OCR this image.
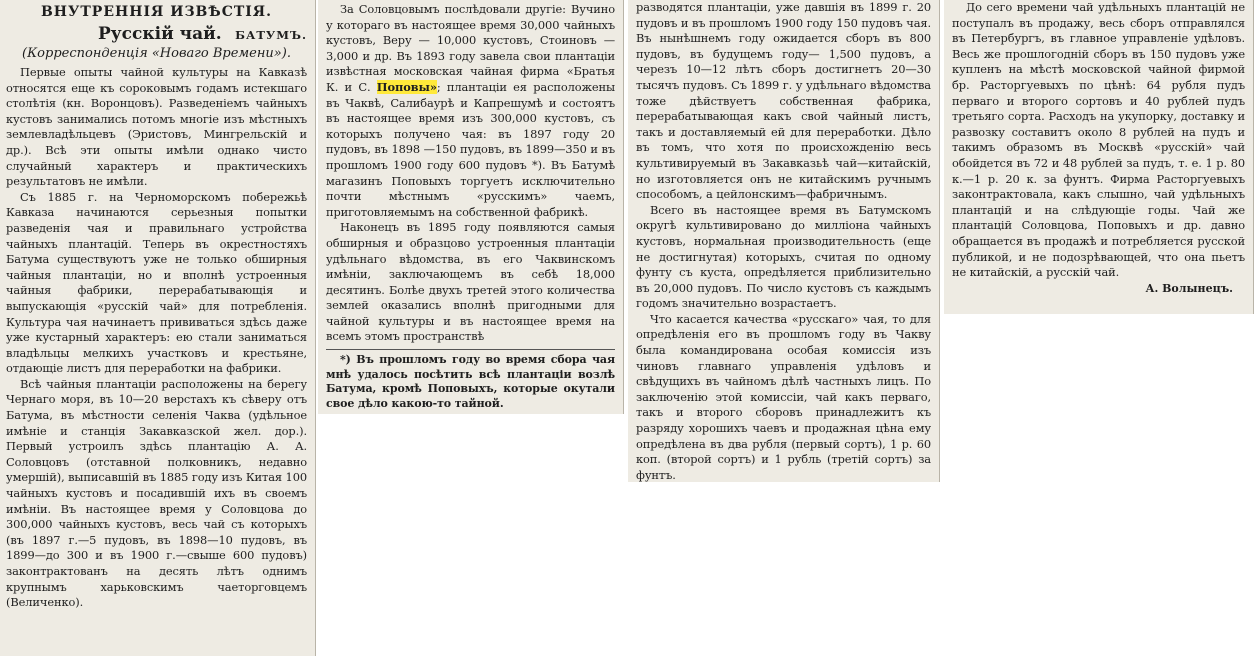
ВНУТРЕННІЯ ИЗВѢСТІЯ.
Русскій чай. БАТУМЪ.
(Корреспонденція «Новаго Времени»).

Первые опыты чайной культуры на Кавказѣ относятся еще къ сороковымъ годамъ истекшаго столѣтія (кн. Воронцовъ). Разведеніемъ чайныхъ кустовъ занимались потомъ многіе изъ мѣстныхъ землевладѣльцевъ (Эристовъ, Мингрельскій и др.). Всѣ эти опыты имѣли однако чисто случайный характеръ и практическихъ результатовъ не имѣли.

Съ 1885 г. на Черноморскомъ побережьѣ Кавказа начинаются серьезныя попытки разведенія чая и правильнаго устройства чайныхъ плантацій. Теперь въ окрестностяхъ Батума существуютъ уже не только обширныя чайныя плантаціи, но и вполнѣ устроенныя чайныя фабрики, перерабатывающія и выпускающія «русскій чай» для потребленія. Культура чая начинаетъ прививаться здѣсь даже уже кустарный характеръ: ею стали заниматься владѣльцы мелкихъ участковъ и крестьяне, отдающіе листъ для переработки на фабрики.

Всѣ чайныя плантаціи расположены на берегу Чернаго моря, въ 10—20 верстахъ къ сѣверу отъ Батума, въ мѣстности селенія Чаква (удѣльное имѣніе и станція Закавказской жел. дор.). Первый устроилъ здѣсь плантацію А. А. Соловцовъ (отставной полковникъ, недавно умершій), выписавшій въ 1885 году изъ Китая 100 чайныхъ кустовъ и посадившій ихъ въ своемъ имѣніи. Въ настоящее время у Соловцова до 300,000 чайныхъ кустовъ, весь чай съ которыхъ (въ 1897 г.—5 пудовъ, въ 1898—10 пудовъ, въ 1899—до 300 и въ 1900 г.—свыше 600 пудовъ) законтрактованъ на десять лѣтъ однимъ крупнымъ харьковскимъ чаеторговцемъ (Величенко).

За Соловцовымъ послѣдовали другіе: Вучино у котораго въ настоящее время 30,000 чайныхъ кустовъ, Веру — 10,000 кустовъ, Стоиновъ — 3,000 и др. Въ 1893 году завела свои плантаціи извѣстная московская чайная фирма «Братья К. и С. Поповы»; плантаціи ея расположены въ Чаквѣ, Салибаурѣ и Капрешумѣ и состоятъ въ настоящее время изъ 300,000 кустовъ, съ которыхъ получено чая: въ 1897 году 20 пудовъ, въ 1898 —150 пудовъ, въ 1899—350 и въ прошломъ 1900 году 600 пудовъ *). Въ Батумѣ магазинъ Поповыхъ торгуетъ исключительно почти мѣстнымъ «русскимъ» чаемъ, приготовляемымъ на собственной фабрикѣ.

Наконецъ въ 1895 году появляются самыя обширныя и образцово устроенныя плантаціи удѣльнаго вѣдомства, въ его Чаквинскомъ имѣніи, заключающемъ въ себѣ 18,000 десятинъ. Болѣе двухъ третей этого количества землей оказались вполнѣ пригодными для чайной культуры и въ настоящее время на всемъ этомъ пространствѣ

*) Въ прошломъ году во время сбора чая мнѣ удалось посѣтить всѣ плантаціи возлѣ Батума, кромѣ Поповыхъ, которые окутали свое дѣло какою-то тайной.

разводятся плантаціи, уже давшія въ 1899 г. 20 пудовъ и въ прошломъ 1900 году 150 пудовъ чая. Въ нынѣшнемъ году ожидается сборъ въ 800 пудовъ, въ будущемъ году— 1,500 пудовъ, а черезъ 10—12 лѣтъ сборъ достигнетъ 20—30 тысячъ пудовъ. Съ 1899 г. у удѣльнаго вѣдомства тоже дѣйствуетъ собственная фабрика, перерабатывающая какъ свой чайный листъ, такъ и доставляемый ей для переработки. Дѣло въ томъ, что хотя по происхожденію весь культивируемый въ Закавказьѣ чай—китайскій, но изготовляется онъ не китайскимъ ручнымъ способомъ, а цейлонскимъ—фабричнымъ.

Всего въ настоящее время въ Батумскомъ округѣ культивировано до милліона чайныхъ кустовъ, нормальная производительность (еще не достигнутая) которыхъ, считая по одному фунту съ куста, опредѣляется приблизительно въ 20,000 пудовъ. По число кустовъ съ каждымъ годомъ значительно возрастаетъ.

Что касается качества «русскаго» чая, то для опредѣленія его въ прошломъ году въ Чакву была командирована особая комиссія изъ чиновъ главнаго управленія удѣловъ и свѣдущихъ въ чайномъ дѣлѣ частныхъ лицъ. По заключенію этой комиссіи, чай какъ перваго, такъ и второго сборовъ принадлежитъ къ разряду хорошихъ чаевъ и продажная цѣна ему опредѣлена въ два рубля (первый сортъ), 1 р. 60 коп. (второй сортъ) и 1 рубль (третій сортъ) за фунтъ.

До сего времени чай удѣльныхъ плантацій не поступалъ въ продажу, весь сборъ отправлялся въ Петербургъ, въ главное управленіе удѣловъ. Весь же прошлогодній сборъ въ 150 пудовъ уже купленъ на мѣстѣ московской чайной фирмой бр. Расторгуевыхъ по цѣнѣ: 64 рубля пудъ перваго и второго сортовъ и 40 рублей пудъ третьяго сорта. Расходъ на укупорку, доставку и развозку составитъ около 8 рублей на пудъ и такимъ образомъ въ Москвѣ «русскій» чай обойдется въ 72 и 48 рублей за пудъ, т. е. 1 р. 80 к.—1 р. 20 к. за фунтъ. Фирма Расторгуевыхъ законтрактовала, какъ слышно, чай удѣльныхъ плантацій и на слѣдующіе годы. Чай же плантацій Соловцова, Поповыхъ и др. давно обращается въ продажѣ и потребляется русской публикой, и не подозрѣвающей, что она пьетъ не китайскій, а русскій чай.

А. Волынецъ.
